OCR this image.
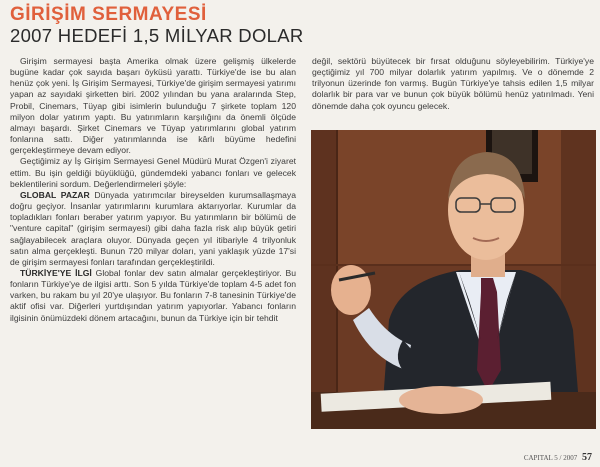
GİRİŞİM SERMAYESİ
2007 HEDEFİ 1,5 MİLYAR DOLAR

Girişim sermayesi başta Amerika olmak üzere gelişmiş ülkelerde bugüne kadar çok sayıda başarı öyküsü yarattı. Türkiye'de ise bu alan henüz çok yeni. İş Girişim Sermayesi, Türkiye'de girişim sermayesi yatırımı yapan az sayıdaki şirketten biri. 2002 yılından bu yana aralarında Step, Probil, Cinemars, Tüyap gibi isimlerin bulunduğu 7 şirkete toplam 120 milyon dolar yatırım yaptı. Bu yatırımların karşılığını da önemli ölçüde almayı başardı. Şirket Cinemars ve Tüyap yatırımlarını global yatırım fonlarına sattı. Diğer yatırımlarında ise kârlı büyüme hedefini gerçekleştirmeye devam ediyor.

Geçtiğimiz ay İş Girişim Sermayesi Genel Müdürü Murat Özgen'i ziyaret ettim. Bu işin geldiği büyüklüğü, gündemdeki yabancı fonları ve gelecek beklentilerini sordum. Değerlendirmeleri şöyle:

GLOBAL PAZAR Dünyada yatırımcılar bireyselden kurumsallaşmaya doğru geçiyor. İnsanlar yatırımlarını kurumlara aktarıyorlar. Kurumlar da topladıkları fonları beraber yatırım yapıyor. Bu yatırımların bir bölümü de "venture capital" (girişim sermayesi) gibi daha fazla risk alıp büyük getiri sağlayabilecek araçlara oluyor. Dünyada geçen yıl itibariyle 4 trilyonluk satın alma gerçekleşti. Bunun 720 milyar doları, yani yaklaşık yüzde 17'si de girişim sermayesi fonları tarafından gerçekleştirildi.

TÜRKİYE'YE İLGİ Global fonlar dev satın almalar gerçekleştiriyor. Bu fonların Türkiye'ye de ilgisi arttı. Son 5 yılda Türkiye'de toplam 4-5 adet fon varken, bu rakam bu yıl 20'ye ulaşıyor. Bu fonların 7-8 tanesinin Türkiye'de aktif ofisi var. Diğerleri yurtdışından yatırım yapıyorlar. Yabancı fonların ilgisinin önümüzdeki dönem artacağını, bunun da Türkiye için bir tehdit

değil, sektörü büyütecek bir fırsat olduğunu söyleyebilirim. Türkiye'ye geçtiğimiz yıl 700 milyar dolarlık yatırım yapılmış. Ve o dönemde 2 trilyonun üzerinde fon varmış. Bugün Türkiye'ye tahsis edilen 1,5 milyar dolarlık bir para var ve bunun çok büyük bölümü henüz yatırılmadı. Yeni dönemde daha çok oyuncu gelecek.

CAPITAL 5 / 2007 57
